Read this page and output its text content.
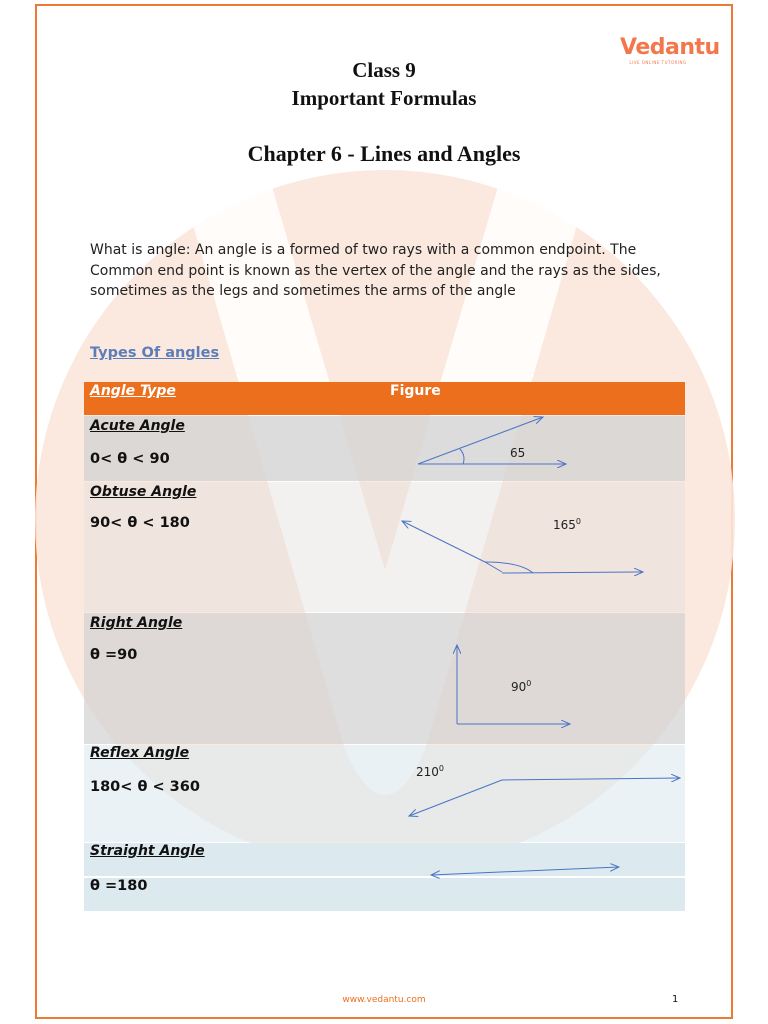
Angle Type	Figure
Acute Angle
0< θ < 90
Obtuse Angle
90< θ < 180
Right Angle
θ =90
Reflex Angle
180< θ < 360
Straight Angle
θ =180
Vedantu
LIVE ONLINE TUTORING
Class 9
Important Formulas
Chapter 6 - Lines and Angles
What is angle: An angle is a formed of two rays with a common endpoint. The
Common end point is known as the vertex of the angle and the rays as the sides,
sometimes as the legs and sometimes the arms of the angle
Types Of angles
65
$165^0$
$90^0$
$210^0$
www.vedantu.com	1
